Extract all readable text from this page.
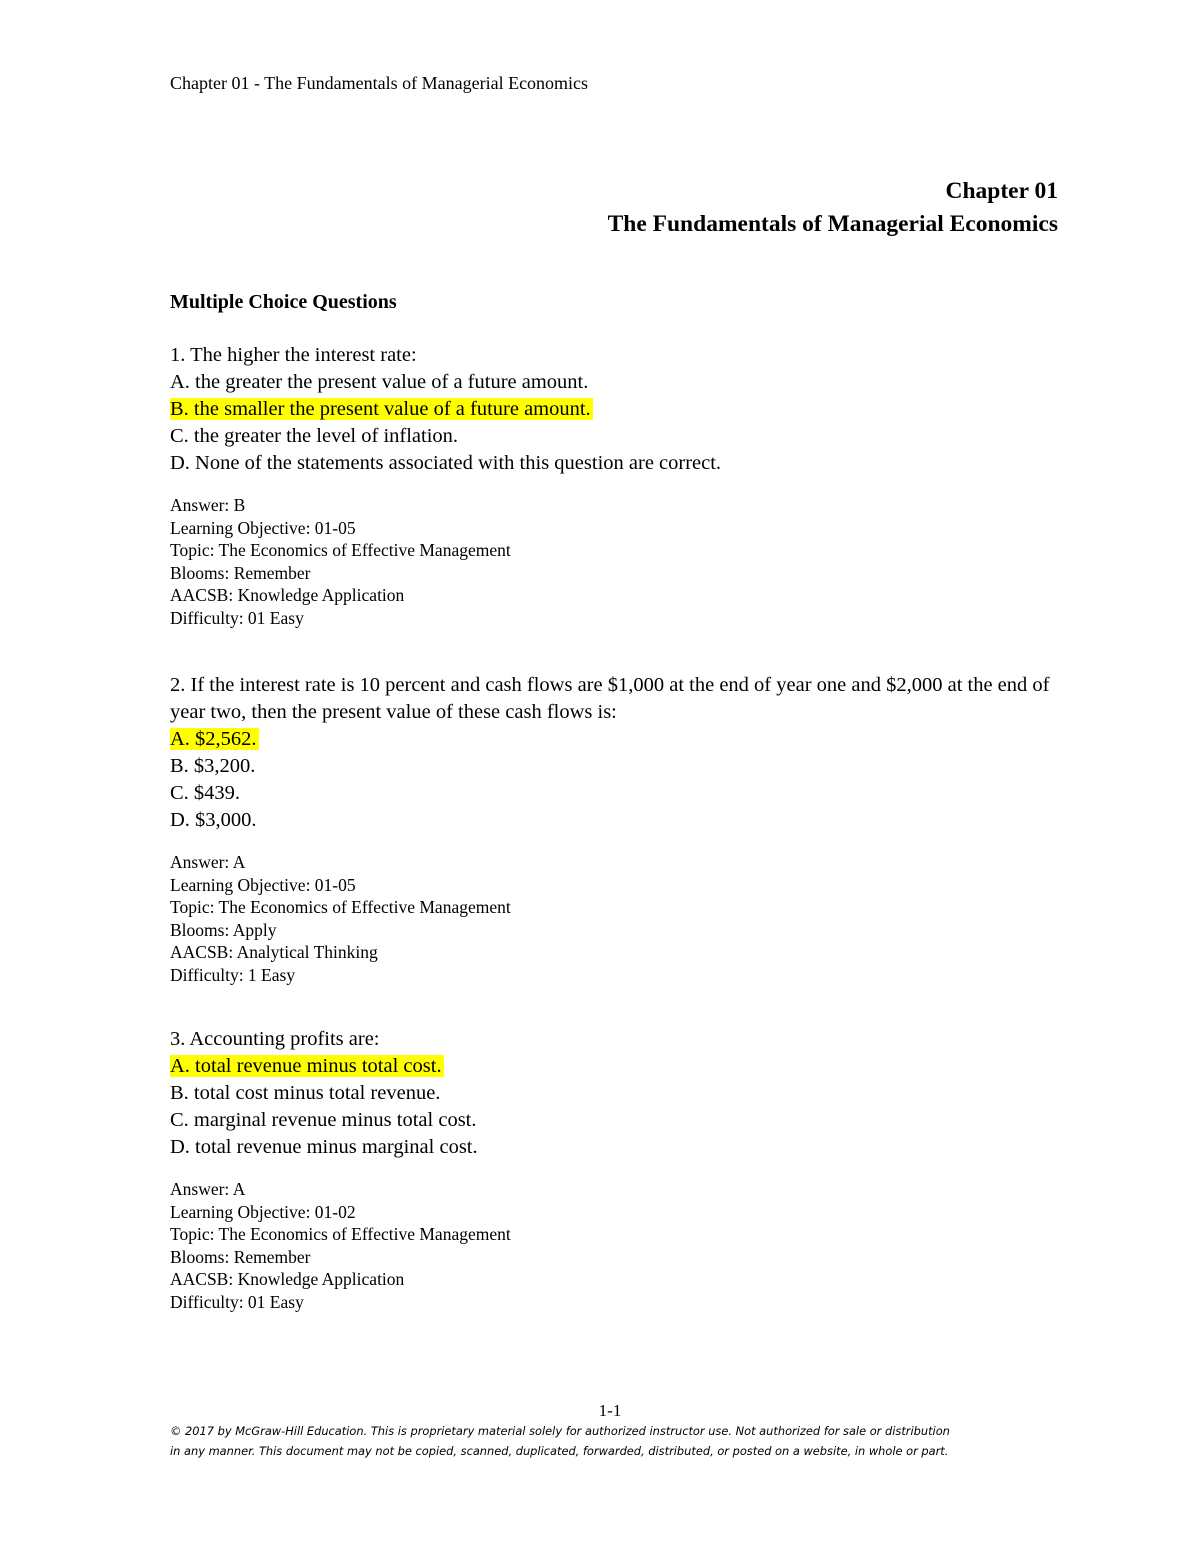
Chapter 01 - The Fundamentals of Managerial Economics
Chapter 01
The Fundamentals of Managerial Economics
Multiple Choice Questions
1. The higher the interest rate:
A. the greater the present value of a future amount.
B. the smaller the present value of a future amount.
C. the greater the level of inflation.
D. None of the statements associated with this question are correct.
Answer: B
Learning Objective: 01-05
Topic: The Economics of Effective Management
Blooms: Remember
AACSB: Knowledge Application
Difficulty: 01 Easy
2. If the interest rate is 10 percent and cash flows are $1,000 at the end of year one and $2,000 at the end of year two, then the present value of these cash flows is:
A. $2,562.
B. $3,200.
C. $439.
D. $3,000.
Answer: A
Learning Objective: 01-05
Topic: The Economics of Effective Management
Blooms: Apply
AACSB: Analytical Thinking
Difficulty: 1 Easy
3. Accounting profits are:
A. total revenue minus total cost.
B. total cost minus total revenue.
C. marginal revenue minus total cost.
D. total revenue minus marginal cost.
Answer: A
Learning Objective: 01-02
Topic: The Economics of Effective Management
Blooms: Remember
AACSB: Knowledge Application
Difficulty: 01 Easy
1-1
© 2017 by McGraw-Hill Education. This is proprietary material solely for authorized instructor use. Not authorized for sale or distribution
in any manner. This document may not be copied, scanned, duplicated, forwarded, distributed, or posted on a website, in whole or part.
